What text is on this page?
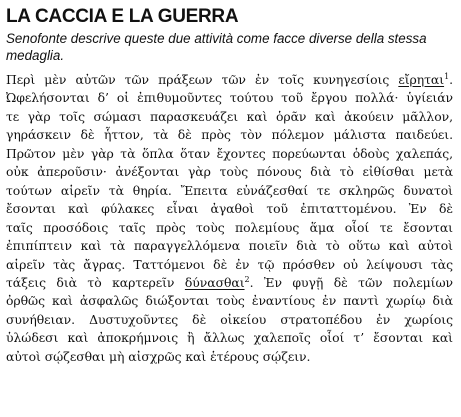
LA CACCIA E LA GUERRA
Senofonte descrive queste due attività come facce diverse della stessa
medaglia.
Περὶ μὲν αὐτῶν τῶν πράξεων τῶν ἐν τοῖς κυνηγεσίοις εἴρηται$^1$.
Ὠφελήσονται δ’ οἱ ἐπιθυμοῦντες τούτου τοῦ ἔργου πολλά· ὑγίειάν
τε γὰρ τοῖς σώμασι παρασκευάζει καὶ ὁρᾶν καὶ ἀκούειν μᾶλλον,
γηράσκειν δὲ ἧττον, τὰ δὲ πρὸς τὸν πόλεμον μάλιστα παιδεύει.
Πρῶτον μὲν γὰρ τὰ ὅπλα ὅταν ἔχοντες πορεύωνται ὁδοὺς χαλεπάς,
οὐκ ἀπεροῦσιν· ἀνέξονται γὰρ τοὺς πόνους διὰ τὸ εἰθίσθαι μετὰ
τούτων αἱρεῖν τὰ θηρία. Ἔπειτα εὐνάζεσθαί τε σκληρῶς δυνατοὶ
ἔσονται καὶ φύλακες εἶναι ἀγαθοὶ τοῦ ἐπιταττομένου. Ἐν δὲ
ταῖς προσόδοις ταῖς πρὸς τοὺς πολεμίους ἅμα οἷοί τε ἔσονται
ἐπιπίπτειν καὶ τὰ παραγγελλόμενα ποιεῖν διὰ τὸ οὕτω καὶ αὐτοὶ
αἱρεῖν τὰς ἄγρας. Ταττόμενοι δὲ ἐν τῷ πρόσθεν οὐ λείψουσι τὰς
τάξεις διὰ τὸ καρτερεῖν δύνασθαι$^2$. Ἐν φυγῇ δὲ τῶν πολεμίων
ὀρθῶς καὶ ἀσφαλῶς διώξονται τοὺς ἐναντίους ἐν παντὶ χωρίῳ διὰ
συνήθειαν. Δυστυχοῦντες δὲ οἰκείου στρατοπέδου ἐν χωρίοις
ὑλώδεσι καὶ ἀποκρήμνοις ἢ ἄλλως χαλεποῖς οἷοί τ’ ἔσονται καὶ
αὐτοὶ σῴζεσθαι μὴ αἰσχρῶς καὶ ἑτέρους σῴζειν.
